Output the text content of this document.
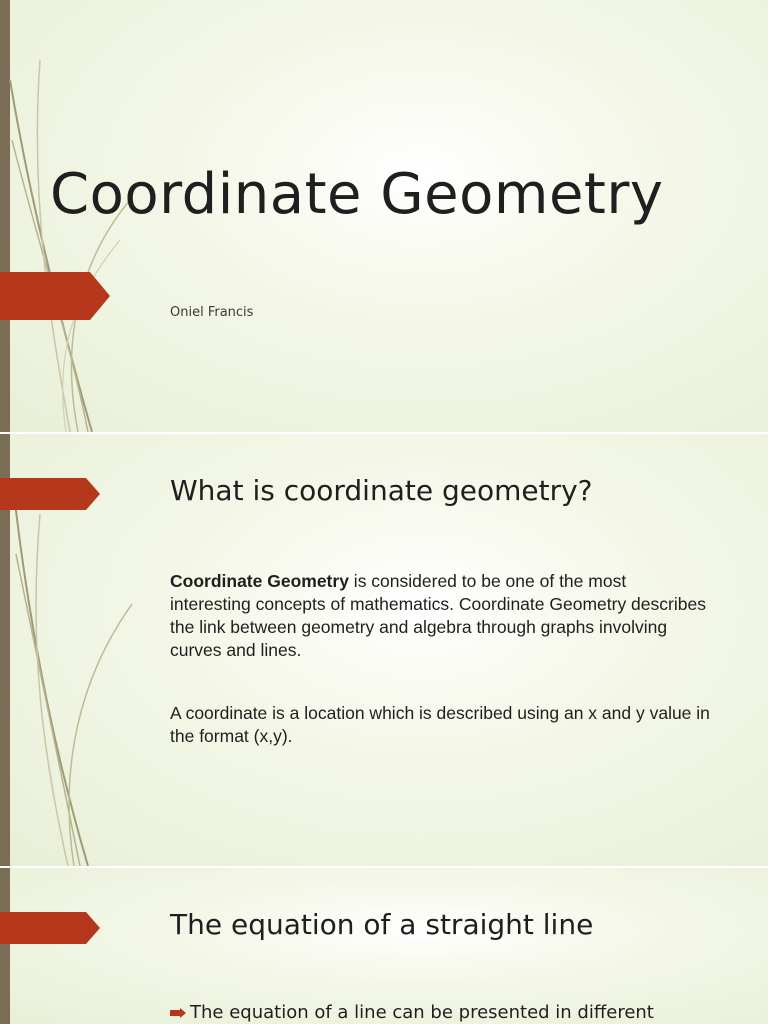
Coordinate Geometry
Oniel Francis
What is coordinate geometry?

Coordinate Geometry is considered to be one of the most interesting concepts of mathematics. Coordinate Geometry describes the link between geometry and algebra through graphs involving curves and lines.

A coordinate is a location which is described using an x and y value in the format (x,y).

The equation of a straight line
The equation of a line can be presented in different
